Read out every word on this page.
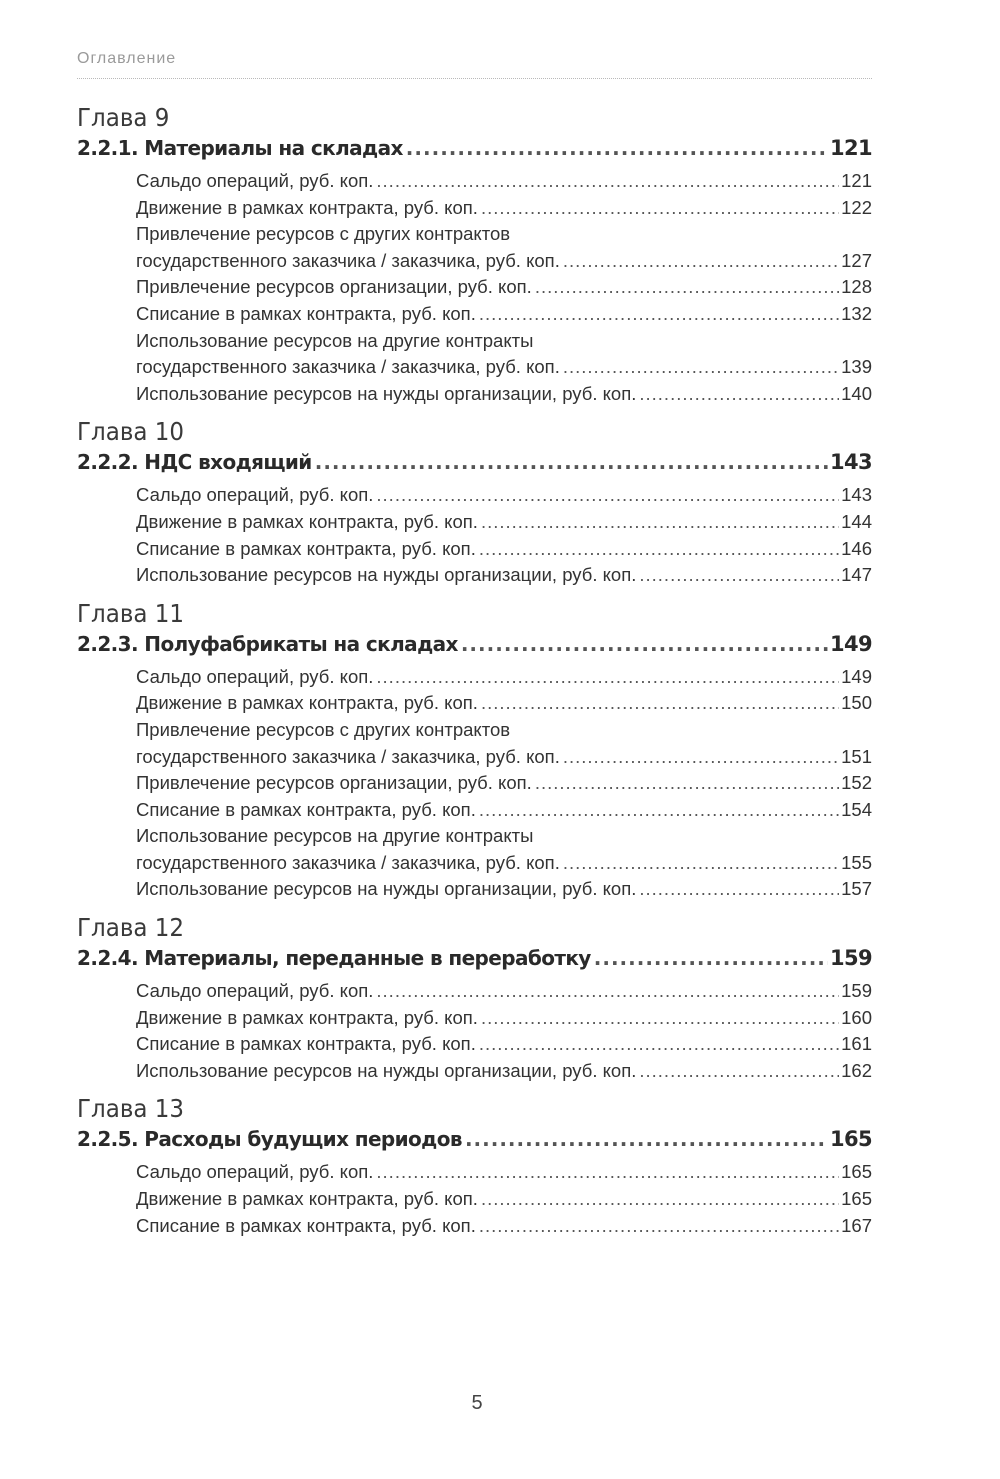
Оглавление
Глава 9
2.2.1. Материалы на складах .....	121
Сальдо операций, руб. коп. .....	121
Движение в рамках контракта, руб. коп. .....	122
Привлечение ресурсов с других контрактов
государственного заказчика / заказчика, руб. коп. .....	127
Привлечение ресурсов организации, руб. коп. .....	128
Списание в рамках контракта, руб. коп. .....	132
Использование ресурсов на другие контракты
государственного заказчика / заказчика, руб. коп. .....	139
Использование ресурсов на нужды организации, руб. коп. .....	140
Глава 10
2.2.2. НДС входящий .....	143
Сальдо операций, руб. коп. .....	143
Движение в рамках контракта, руб. коп. .....	144
Списание в рамках контракта, руб. коп. .....	146
Использование ресурсов на нужды организации, руб. коп. .....	147
Глава 11
2.2.3. Полуфабрикаты на складах .....	149
Сальдо операций, руб. коп. .....	149
Движение в рамках контракта, руб. коп. .....	150
Привлечение ресурсов с других контрактов
государственного заказчика / заказчика, руб. коп. .....	151
Привлечение ресурсов организации, руб. коп. .....	152
Списание в рамках контракта, руб. коп. .....	154
Использование ресурсов на другие контракты
государственного заказчика / заказчика, руб. коп. .....	155
Использование ресурсов на нужды организации, руб. коп. .....	157
Глава 12
2.2.4. Материалы, переданные в переработку .....	159
Сальдо операций, руб. коп. .....	159
Движение в рамках контракта, руб. коп. .....	160
Списание в рамках контракта, руб. коп. .....	161
Использование ресурсов на нужды организации, руб. коп. .....	162
Глава 13
2.2.5. Расходы будущих периодов .....	165
Сальдо операций, руб. коп. .....	165
Движение в рамках контракта, руб. коп. .....	165
Списание в рамках контракта, руб. коп. .....	167
5
